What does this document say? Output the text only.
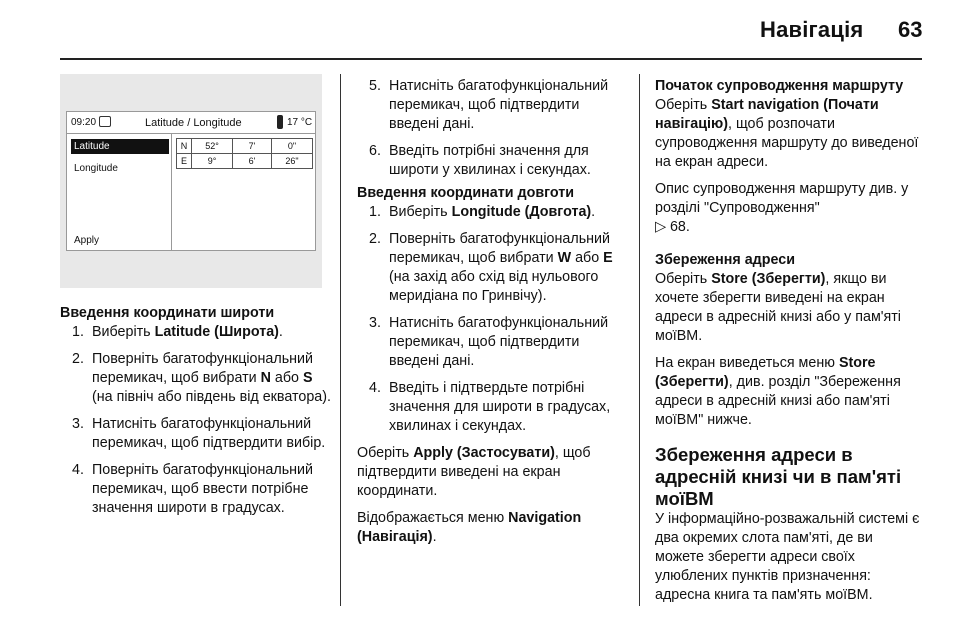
Навігація 63
09:20	Latitude / Longitude	17 °C
Latitude
Longitude
Apply
N	52°	7'	0"
E	9°	6'	26"

Введення координати широти

1. Виберіть Latitude (Широта).
2. Поверніть багатофункціональний перемикач, щоб вибрати N або S (на північ або південь від екватора).
3. Натисніть багатофункціональний перемикач, щоб підтвердити вибір.
4. Поверніть багатофункціональний перемикач, щоб ввести потрібне значення широти в градусах.
5. Натисніть багатофункціональний перемикач, щоб підтвердити введені дані.
6. Введіть потрібні значення для широти у хвилинах і секундах.

Введення координати довготи

1. Виберіть Longitude (Довгота).
2. Поверніть багатофункціональний перемикач, щоб вибрати W або E (на захід або схід від нульового меридіана по Гринвічу).
3. Натисніть багатофункціональний перемикач, щоб підтвердити введені дані.
4. Введіть і підтвердьте потрібні значення для широти в градусах, хвилинах і секундах.

Оберіть Apply (Застосувати), щоб підтвердити виведені на екран координати.

Відображається меню Navigation (Навігація).

Початок супроводження маршруту

Оберіть Start navigation (Почати навігацію), щоб розпочати супроводження маршруту до виведеної на екран адреси.

Опис супроводження маршруту див. у розділі "Супроводження"
▷ 68.

Збереження адреси

Оберіть Store (Зберегти), якщо ви хочете зберегти виведені на екран адреси в адресній книзі або у пам'яті моїВМ.

На екран виведеться меню Store (Зберегти), див. розділ "Збереження адреси в адресній книзі або пам'яті моїВМ" нижче.

Збереження адреси в адресній книзі чи в пам'яті моїВМ

У інформаційно-розважальній системі є два окремих слота пам'яті, де ви можете зберегти адреси своїх улюблених пунктів призначення: адресна книга та пам'ять моїВМ.
